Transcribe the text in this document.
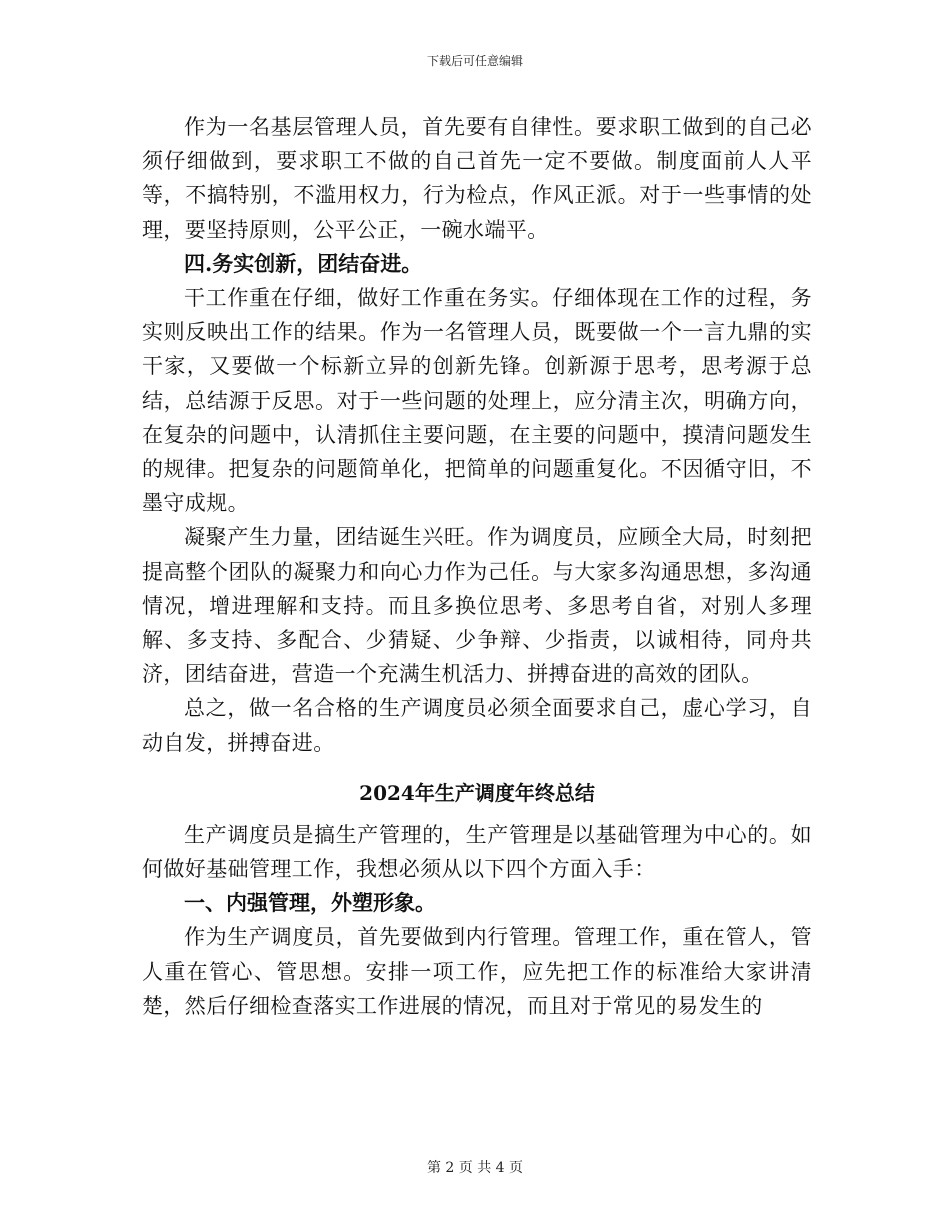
下载后可任意编辑

作为一名基层管理人员，首先要有自律性。要求职工做到的自己必须仔细做到，要求职工不做的自己首先一定不要做。制度面前人人平等，不搞特别，不滥用权力，行为检点，作风正派。对于一些事情的处理，要坚持原则，公平公正，一碗水端平。

四.务实创新，团结奋进。

干工作重在仔细，做好工作重在务实。仔细体现在工作的过程，务实则反映出工作的结果。作为一名管理人员，既要做一个一言九鼎的实干家，又要做一个标新立异的创新先锋。创新源于思考，思考源于总结，总结源于反思。对于一些问题的处理上，应分清主次，明确方向，在复杂的问题中，认清抓住主要问题，在主要的问题中，摸清问题发生的规律。把复杂的问题简单化，把简单的问题重复化。不因循守旧，不墨守成规。

凝聚产生力量，团结诞生兴旺。作为调度员，应顾全大局，时刻把提高整个团队的凝聚力和向心力作为己任。与大家多沟通思想，多沟通情况，增进理解和支持。而且多换位思考、多思考自省，对别人多理解、多支持、多配合、少猜疑、少争辩、少指责，以诚相待，同舟共济，团结奋进，营造一个充满生机活力、拼搏奋进的高效的团队。

总之，做一名合格的生产调度员必须全面要求自己，虚心学习，自动自发，拼搏奋进。

2024年生产调度年终总结

生产调度员是搞生产管理的，生产管理是以基础管理为中心的。如何做好基础管理工作，我想必须从以下四个方面入手：

一、内强管理，外塑形象。

作为生产调度员，首先要做到内行管理。管理工作，重在管人，管人重在管心、管思想。安排一项工作，应先把工作的标准给大家讲清楚，然后仔细检查落实工作进展的情况，而且对于常见的易发生的

第 2 页 共 4 页
